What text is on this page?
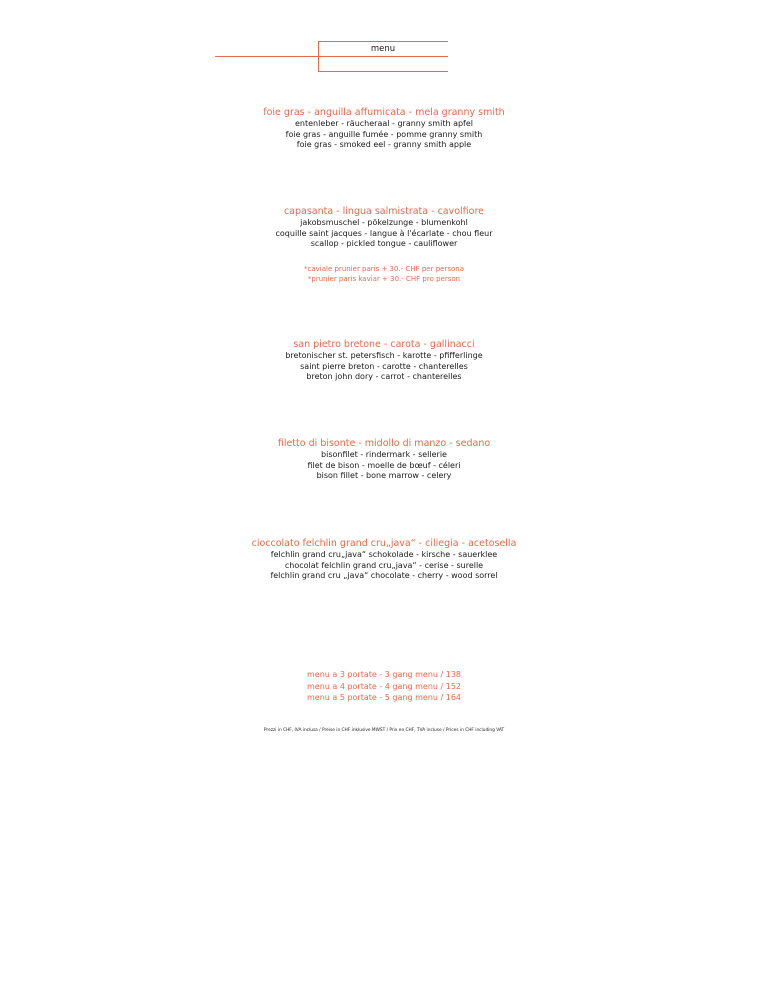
menu

foie gras - anguilla affumicata - mela granny smith

entenleber - räucheraal - granny smith apfel

foie gras - anguille fumée - pomme granny smith

foie gras - smoked eel - granny smith apple

capasanta - lingua salmistrata - cavolfiore

jakobsmuschel - pökelzunge - blumenkohl

coquille saint jacques - langue à l'écarlate - chou fleur

scallop - pickled tongue - cauliflower

*caviale prunier paris + 30.- CHF per persona
*prunier paris kaviar + 30.- CHF pro person

san pietro bretone - carota - gallinacci

bretonischer st. petersfisch - karotte - pfifferlinge

saint pierre breton - carotte - chanterelles

breton john dory - carrot - chanterelles

filetto di bisonte - midollo di manzo - sedano

bisonfilet - rindermark - sellerie

filet de bison - moelle de bœuf - céleri

bison fillet - bone marrow - celery

cioccolato felchlin grand cru„java“ - ciliegia - acetosella

felchlin grand cru„java“ schokolade - kirsche - sauerklee

chocolat felchlin grand cru„java“ - cerise - surelle

felchlin grand cru „java“ chocolate - cherry - wood sorrel

menu a 3 portate - 3 gang menu / 138
menu a 4 portate - 4 gang menu / 152
menu a 5 portate - 5 gang menu / 164
Prezzi in CHF, IVA inclusa / Preise in CHF inklusive MWST / Prix en CHF, TVA incluse / Prices in CHF including VAT
